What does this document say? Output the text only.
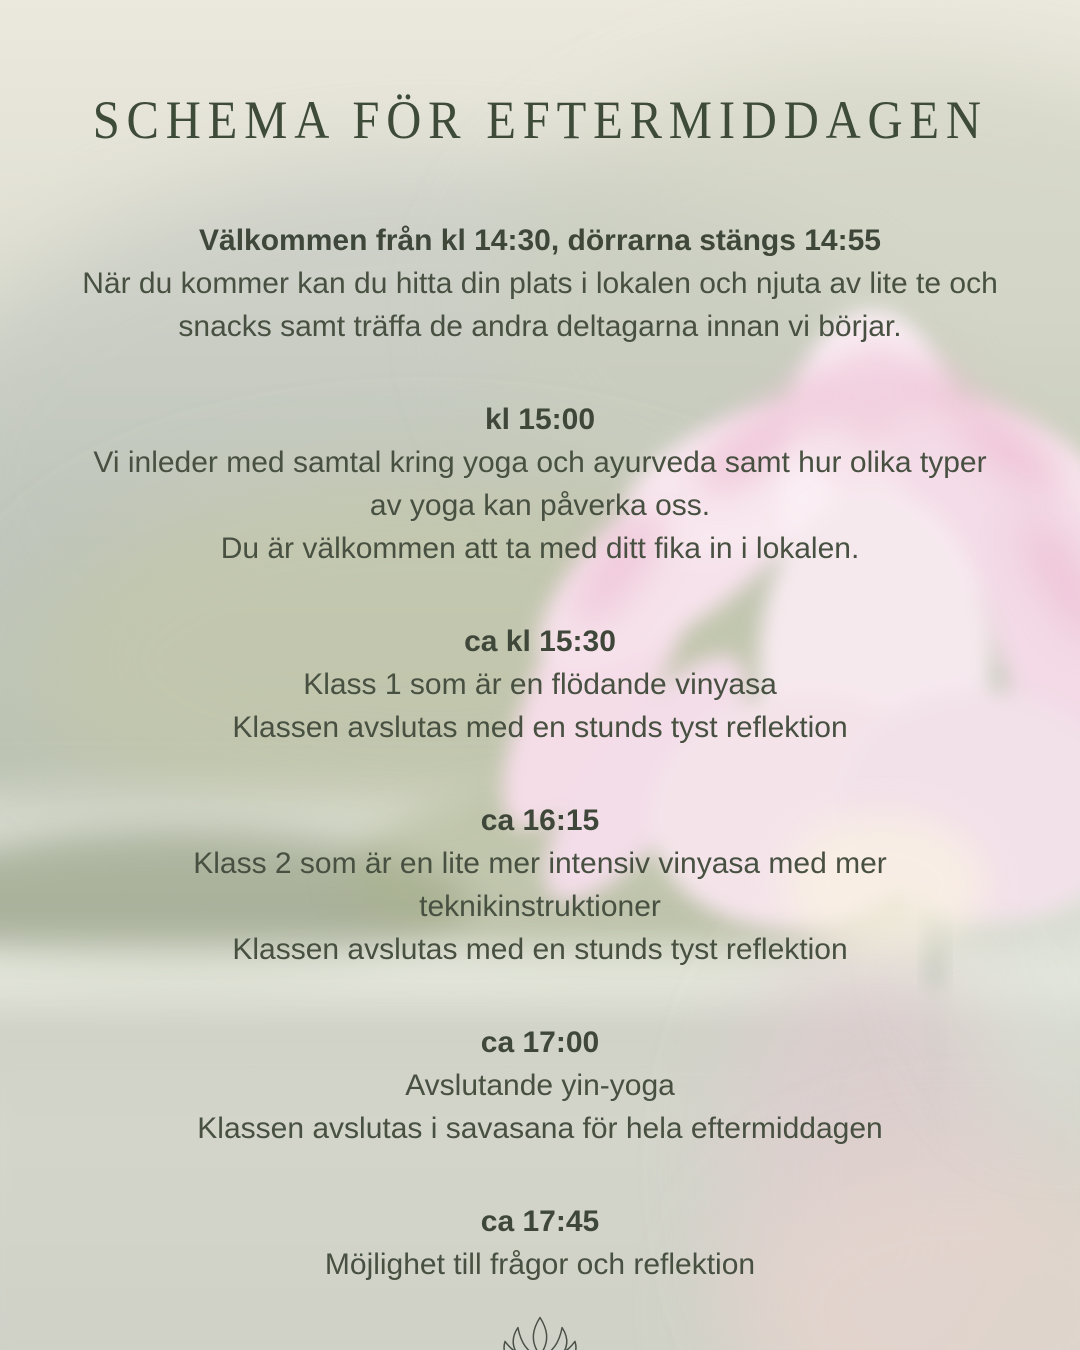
SCHEMA FÖR EFTERMIDDAGEN
Välkommen från kl 14:30, dörrarna stängs 14:55

När du kommer kan du hitta din plats i lokalen och njuta av lite te och snacks samt träffa de andra deltagarna innan vi börjar.

kl 15:00

Vi inleder med samtal kring yoga och ayurveda samt hur olika typer av yoga kan påverka oss.

Du är välkommen att ta med ditt fika in i lokalen.

ca kl 15:30

Klass 1 som är en flödande vinyasa

Klassen avslutas med en stunds tyst reflektion

ca 16:15

Klass 2 som är en lite mer intensiv vinyasa med mer teknikinstruktioner

Klassen avslutas med en stunds tyst reflektion

ca 17:00

Avslutande yin-yoga

Klassen avslutas i savasana för hela eftermiddagen

ca 17:45

Möjlighet till frågor och reflektion
